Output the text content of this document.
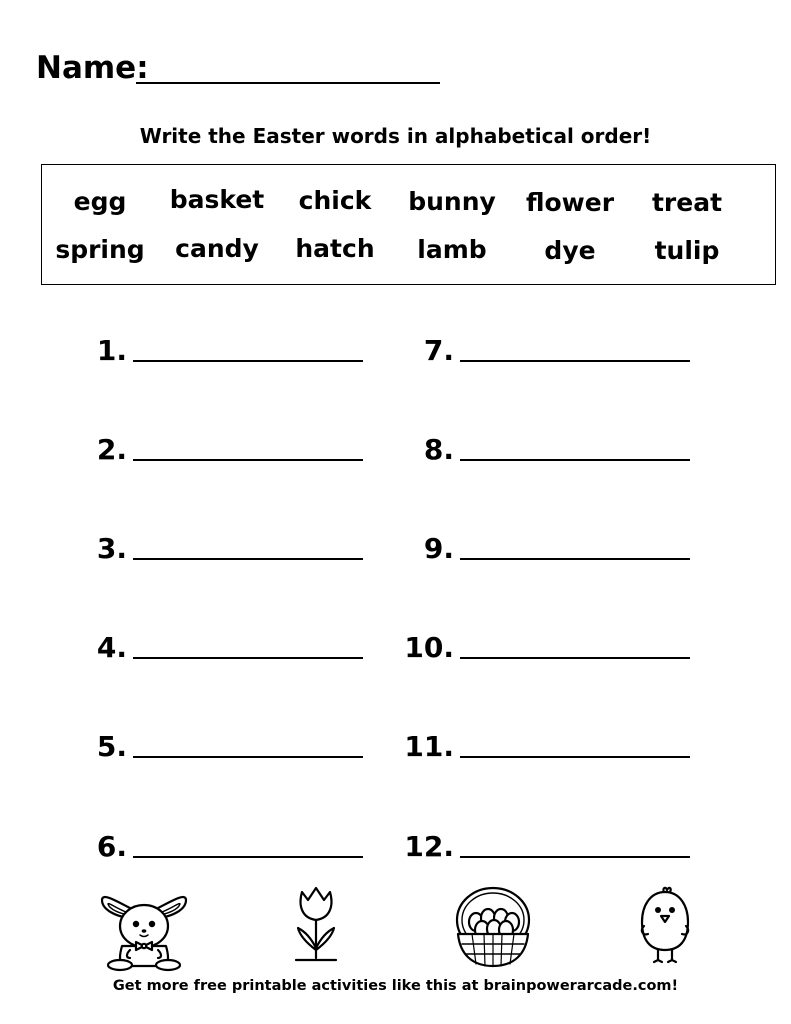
Name:
Write the Easter words in alphabetical order!
egg	basket	chick	bunny	flower	treat
spring	candy	hatch	lamb	dye	tulip
1.
2.
3.
4.
5.
6.
7.
8.
9.
10.
11.
12.
Get more free printable activities like this at brainpowerarcade.com!
